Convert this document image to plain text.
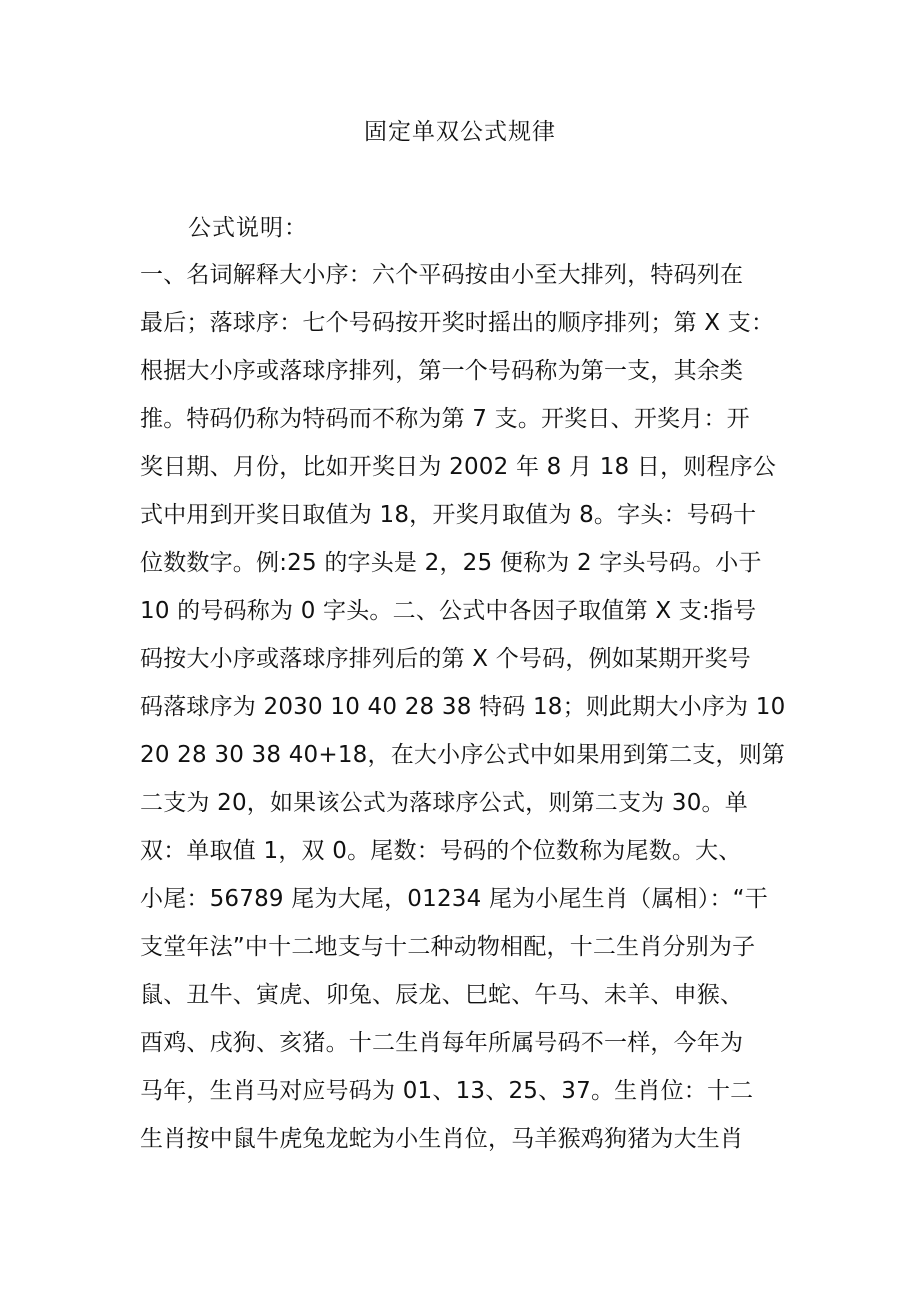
固定单双公式规律
公式说明：
一、名词解释大小序：六个平码按由小至大排列，特码列在
最后；落球序：七个号码按开奖时摇出的顺序排列；第 X 支：
根据大小序或落球序排列，第一个号码称为第一支，其余类
推。特码仍称为特码而不称为第 7 支。开奖日、开奖月：开
奖日期、月份，比如开奖日为 2002 年 8 月 18 日，则程序公
式中用到开奖日取值为 18，开奖月取值为 8。字头：号码十
位数数字。例:25 的字头是 2，25 便称为 2 字头号码。小于
10 的号码称为 0 字头。二、公式中各因子取值第 X 支:指号
码按大小序或落球序排列后的第 X 个号码，例如某期开奖号
码落球序为 2030 10 40 28 38 特码 18；则此期大小序为 10
20 28 30 38 40+18，在大小序公式中如果用到第二支，则第
二支为 20，如果该公式为落球序公式，则第二支为 30。单
双：单取值 1，双 0。尾数：号码的个位数称为尾数。大、
小尾：56789 尾为大尾，01234 尾为小尾生肖（属相）：“干
支堂年法”中十二地支与十二种动物相配，十二生肖分别为子
鼠、丑牛、寅虎、卯兔、辰龙、巳蛇、午马、未羊、申猴、
酉鸡、戌狗、亥猪。十二生肖每年所属号码不一样，今年为
马年，生肖马对应号码为 01、13、25、37。生肖位：十二
生肖按中鼠牛虎兔龙蛇为小生肖位，马羊猴鸡狗猪为大生肖
